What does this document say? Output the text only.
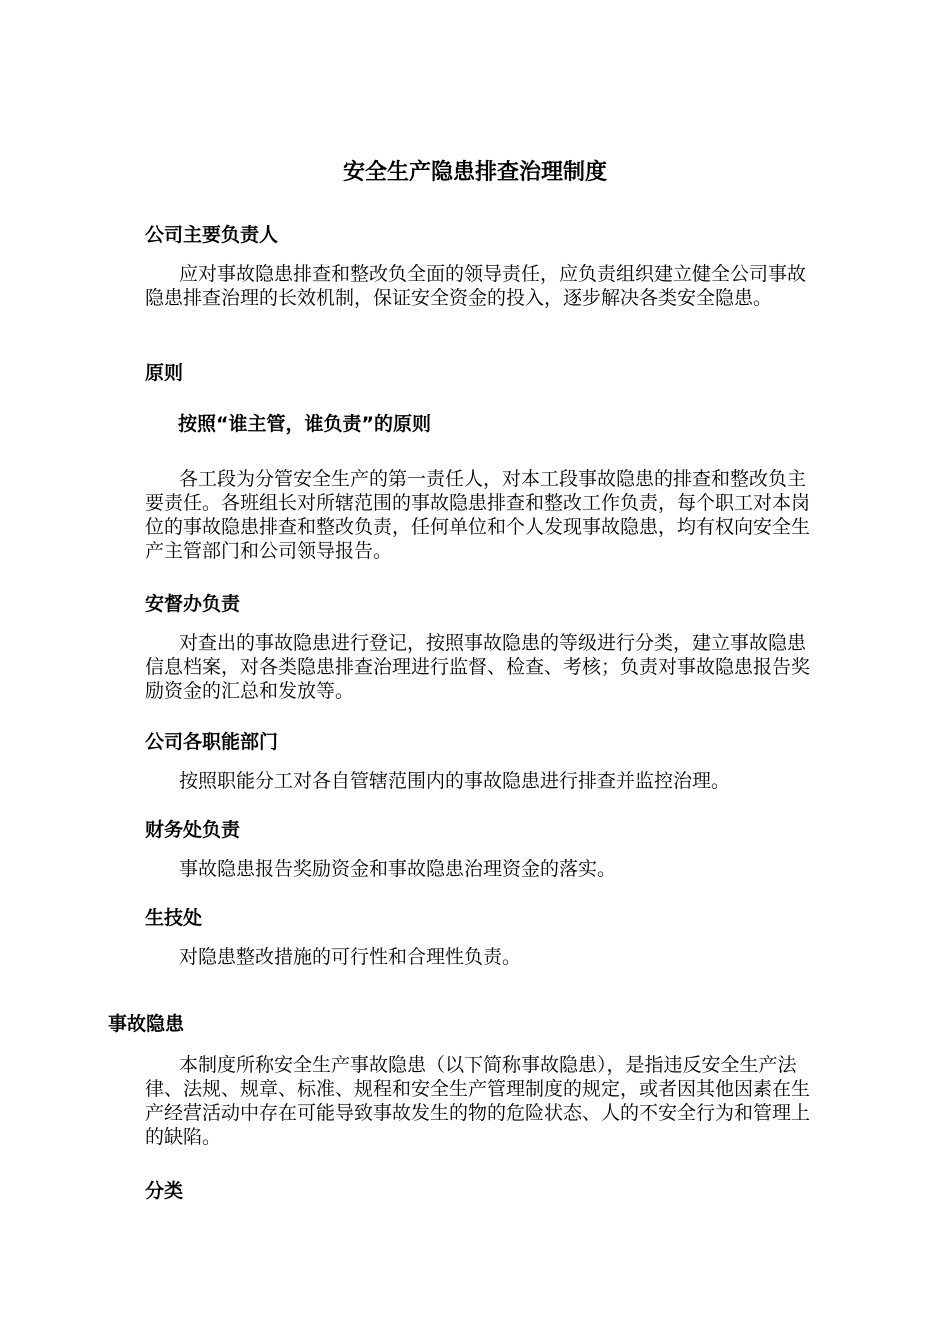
安全生产隐患排查治理制度
公司主要负责人
应对事故隐患排查和整改负全面的领导责任，应负责组织建立健全公司事故隐患排查治理的长效机制，保证安全资金的投入，逐步解决各类安全隐患。
原则
按照“谁主管，谁负责”的原则
各工段为分管安全生产的第一责任人，对本工段事故隐患的排查和整改负主要责任。各班组长对所辖范围的事故隐患排查和整改工作负责，每个职工对本岗位的事故隐患排查和整改负责，任何单位和个人发现事故隐患，均有权向安全生产主管部门和公司领导报告。
安督办负责
对查出的事故隐患进行登记，按照事故隐患的等级进行分类，建立事故隐患信息档案，对各类隐患排查治理进行监督、检查、考核；负责对事故隐患报告奖励资金的汇总和发放等。
公司各职能部门
按照职能分工对各自管辖范围内的事故隐患进行排查并监控治理。
财务处负责
事故隐患报告奖励资金和事故隐患治理资金的落实。
生技处
对隐患整改措施的可行性和合理性负责。
事故隐患
本制度所称安全生产事故隐患（以下简称事故隐患），是指违反安全生产法律、法规、规章、标准、规程和安全生产管理制度的规定，或者因其他因素在生产经营活动中存在可能导致事故发生的物的危险状态、人的不安全行为和管理上的缺陷。
分类
